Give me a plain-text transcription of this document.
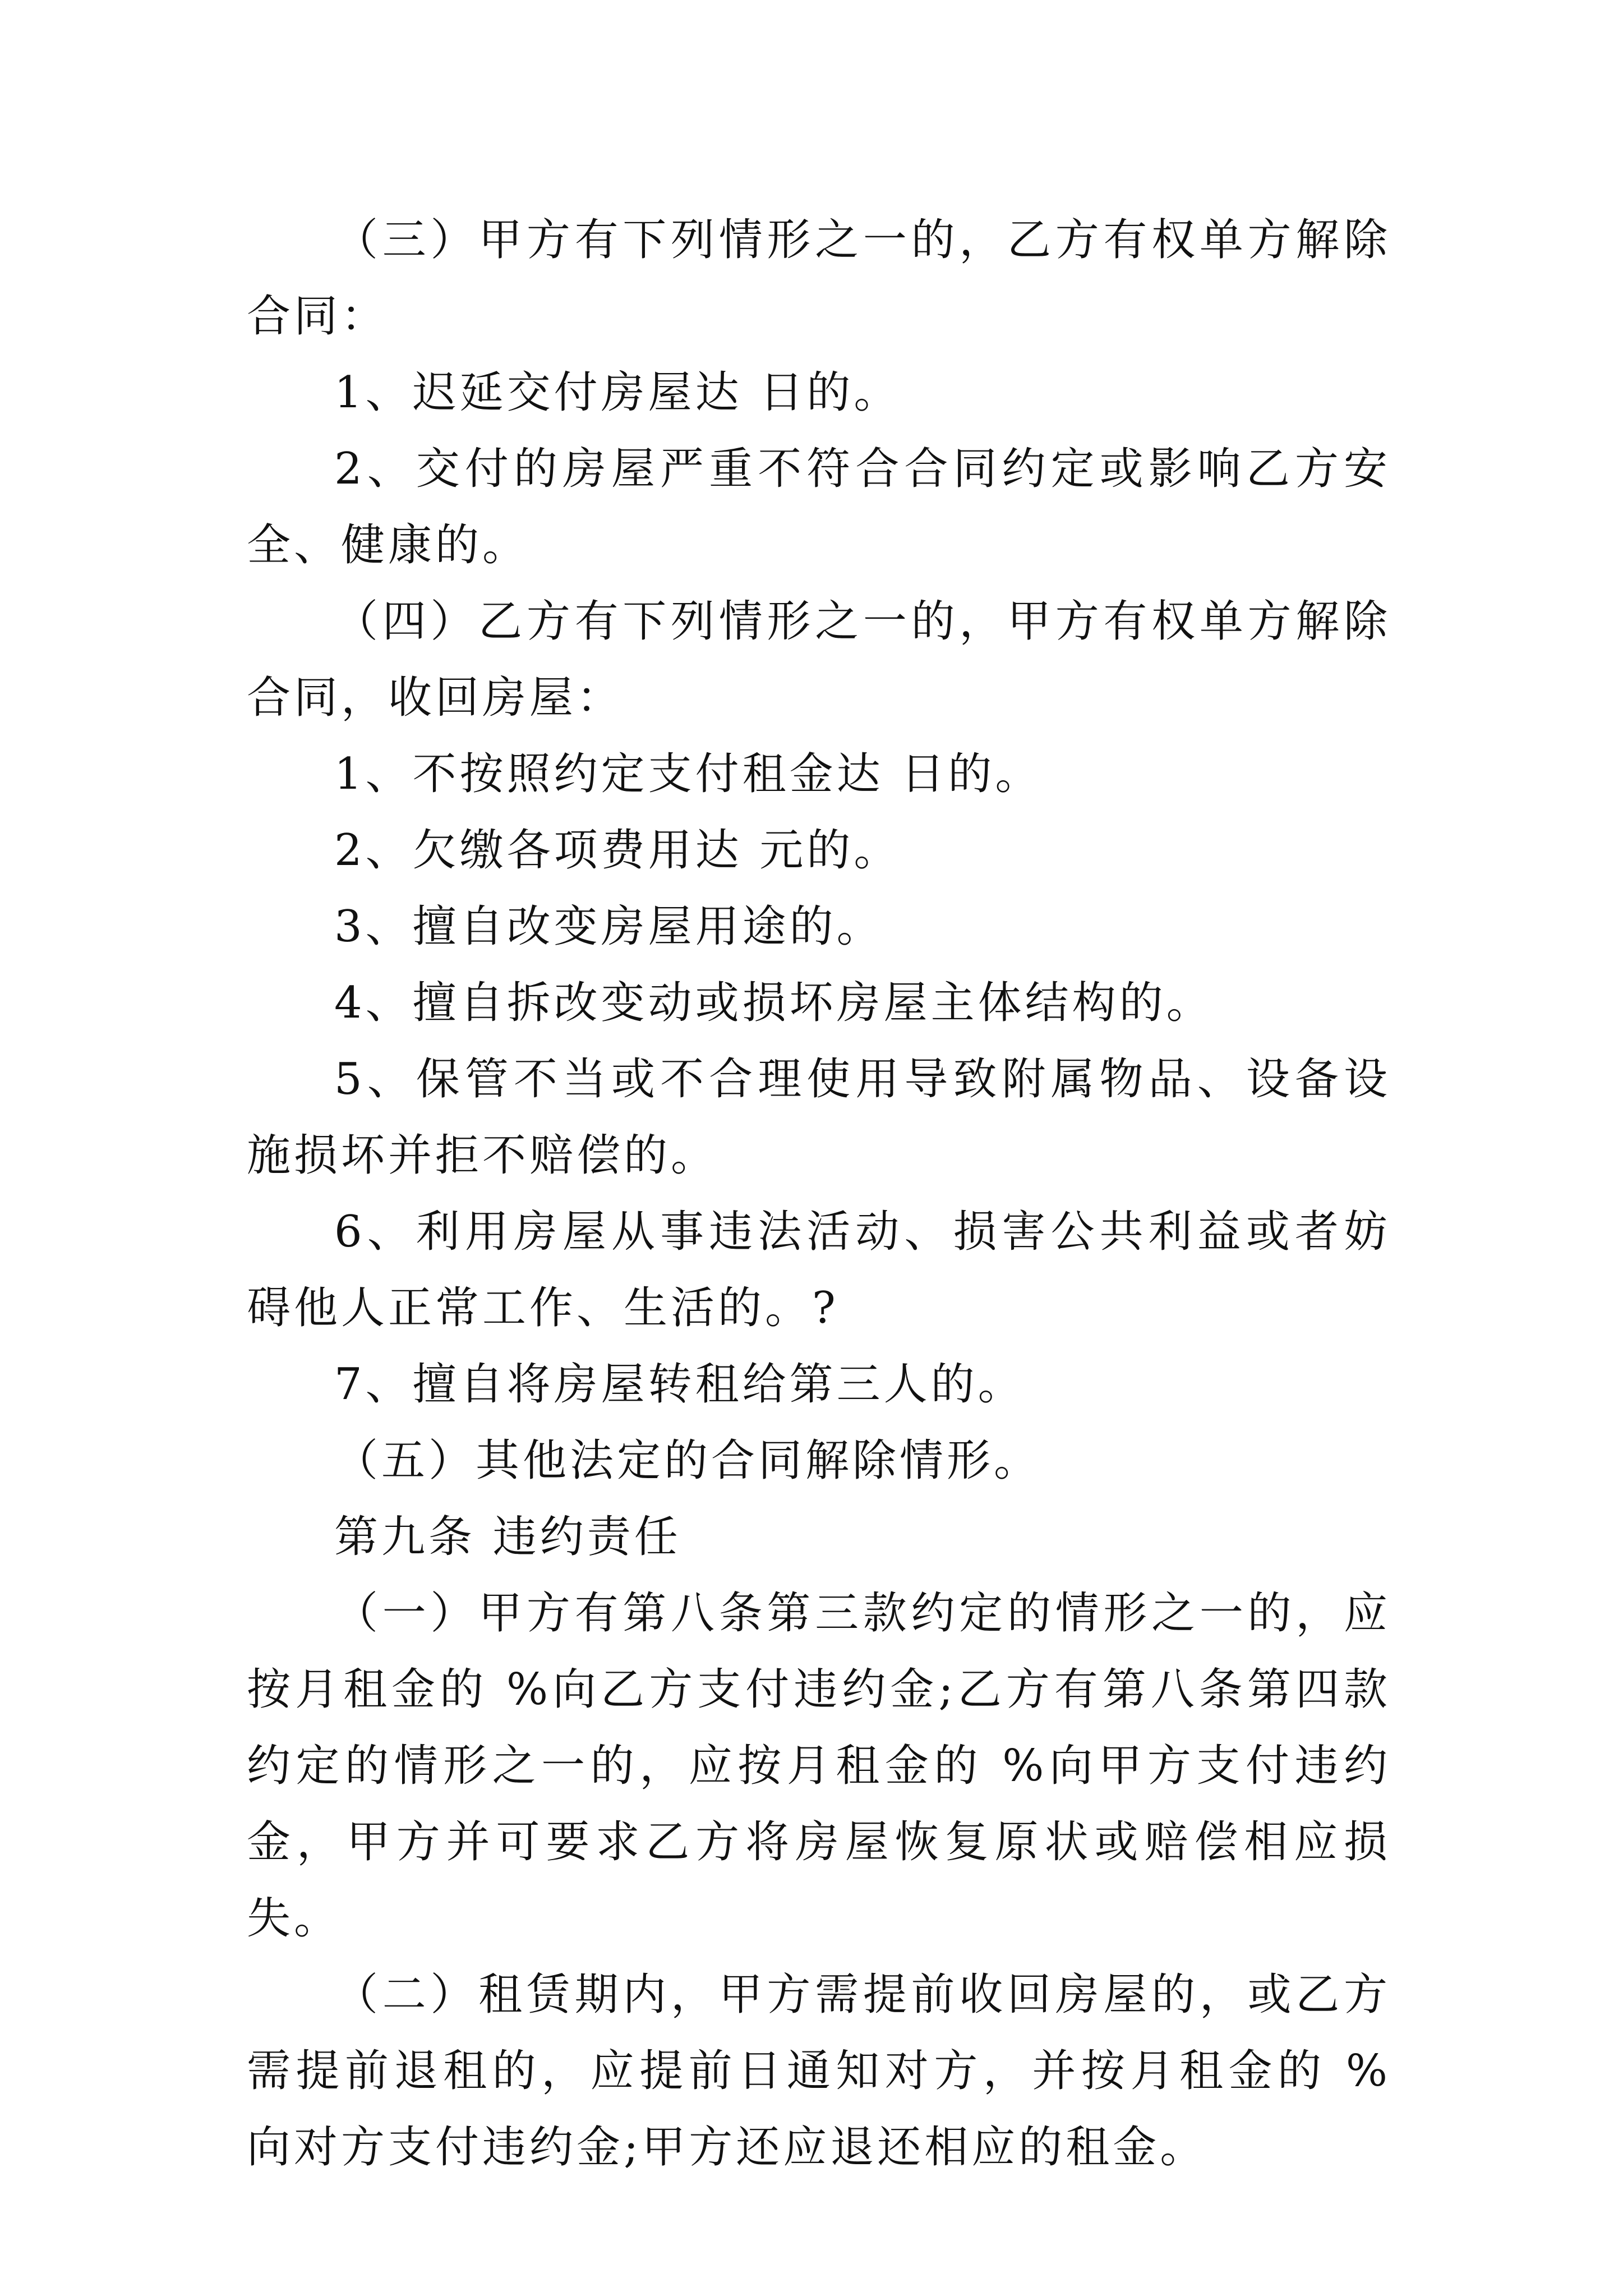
（三）甲方有下列情形之一的，乙方有权单方解除合同：

1、迟延交付房屋达 日的。

2、交付的房屋严重不符合合同约定或影响乙方安全、健康的。

（四）乙方有下列情形之一的，甲方有权单方解除合同，收回房屋：

1、不按照约定支付租金达 日的。

2、欠缴各项费用达 元的。

3、擅自改变房屋用途的。

4、擅自拆改变动或损坏房屋主体结构的。

5、保管不当或不合理使用导致附属物品、设备设施损坏并拒不赔偿的。

6、利用房屋从事违法活动、损害公共利益或者妨碍他人正常工作、生活的。?

7、擅自将房屋转租给第三人的。

（五）其他法定的合同解除情形。

第九条 违约责任

（一）甲方有第八条第三款约定的情形之一的，应按月租金的 %向乙方支付违约金;乙方有第八条第四款约定的情形之一的，应按月租金的 %向甲方支付违约金，甲方并可要求乙方将房屋恢复原状或赔偿相应损失。

（二）租赁期内，甲方需提前收回房屋的，或乙方需提前退租的，应提前日通知对方，并按月租金的 %向对方支付违约金;甲方还应退还相应的租金。
